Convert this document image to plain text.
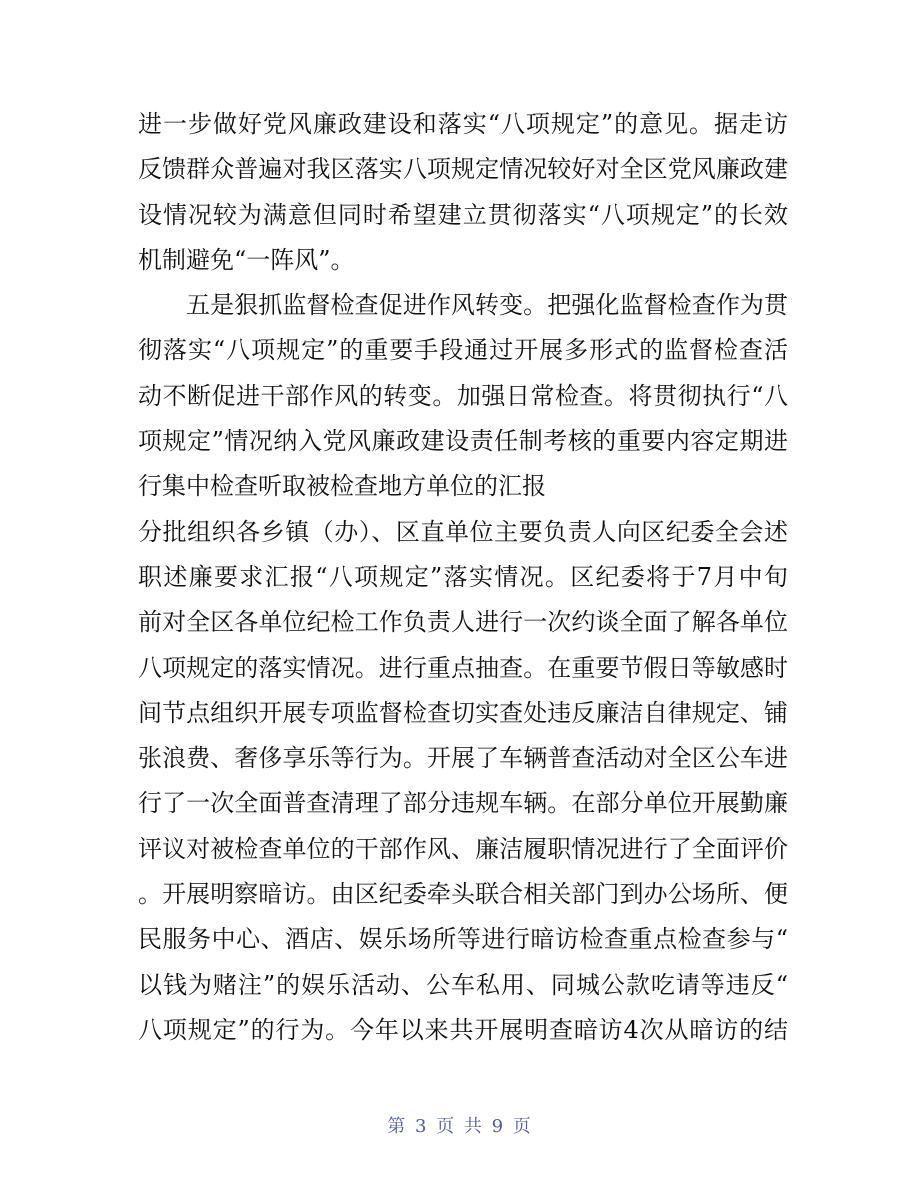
进一步做好党风廉政建设和落实“八项规定”的意见。据走访
反馈群众普遍对我区落实八项规定情况较好对全区党风廉政建
设情况较为满意但同时希望建立贯彻落实“八项规定”的长效
机制避免“一阵风”。
五是狠抓监督检查促进作风转变。把强化监督检查作为贯
彻落实“八项规定”的重要手段通过开展多形式的监督检查活
动不断促进干部作风的转变。加强日常检查。将贯彻执行“八
项规定”情况纳入党风廉政建设责任制考核的重要内容定期进
行集中检查听取被检查地方单位的汇报
分批组织各乡镇（办）、区直单位主要负责人向区纪委全会述
职述廉要求汇报“八项规定”落实情况。区纪委将于7月中旬
前对全区各单位纪检工作负责人进行一次约谈全面了解各单位
八项规定的落实情况。进行重点抽查。在重要节假日等敏感时
间节点组织开展专项监督检查切实查处违反廉洁自律规定、铺
张浪费、奢侈享乐等行为。开展了车辆普查活动对全区公车进
行了一次全面普查清理了部分违规车辆。在部分单位开展勤廉
评议对被检查单位的干部作风、廉洁履职情况进行了全面评价
。开展明察暗访。由区纪委牵头联合相关部门到办公场所、便
民服务中心、酒店、娱乐场所等进行暗访检查重点检查参与“
以钱为赌注”的娱乐活动、公车私用、同城公款吃请等违反“
八项规定”的行为。今年以来共开展明查暗访4次从暗访的结
第 3 页 共 9 页
